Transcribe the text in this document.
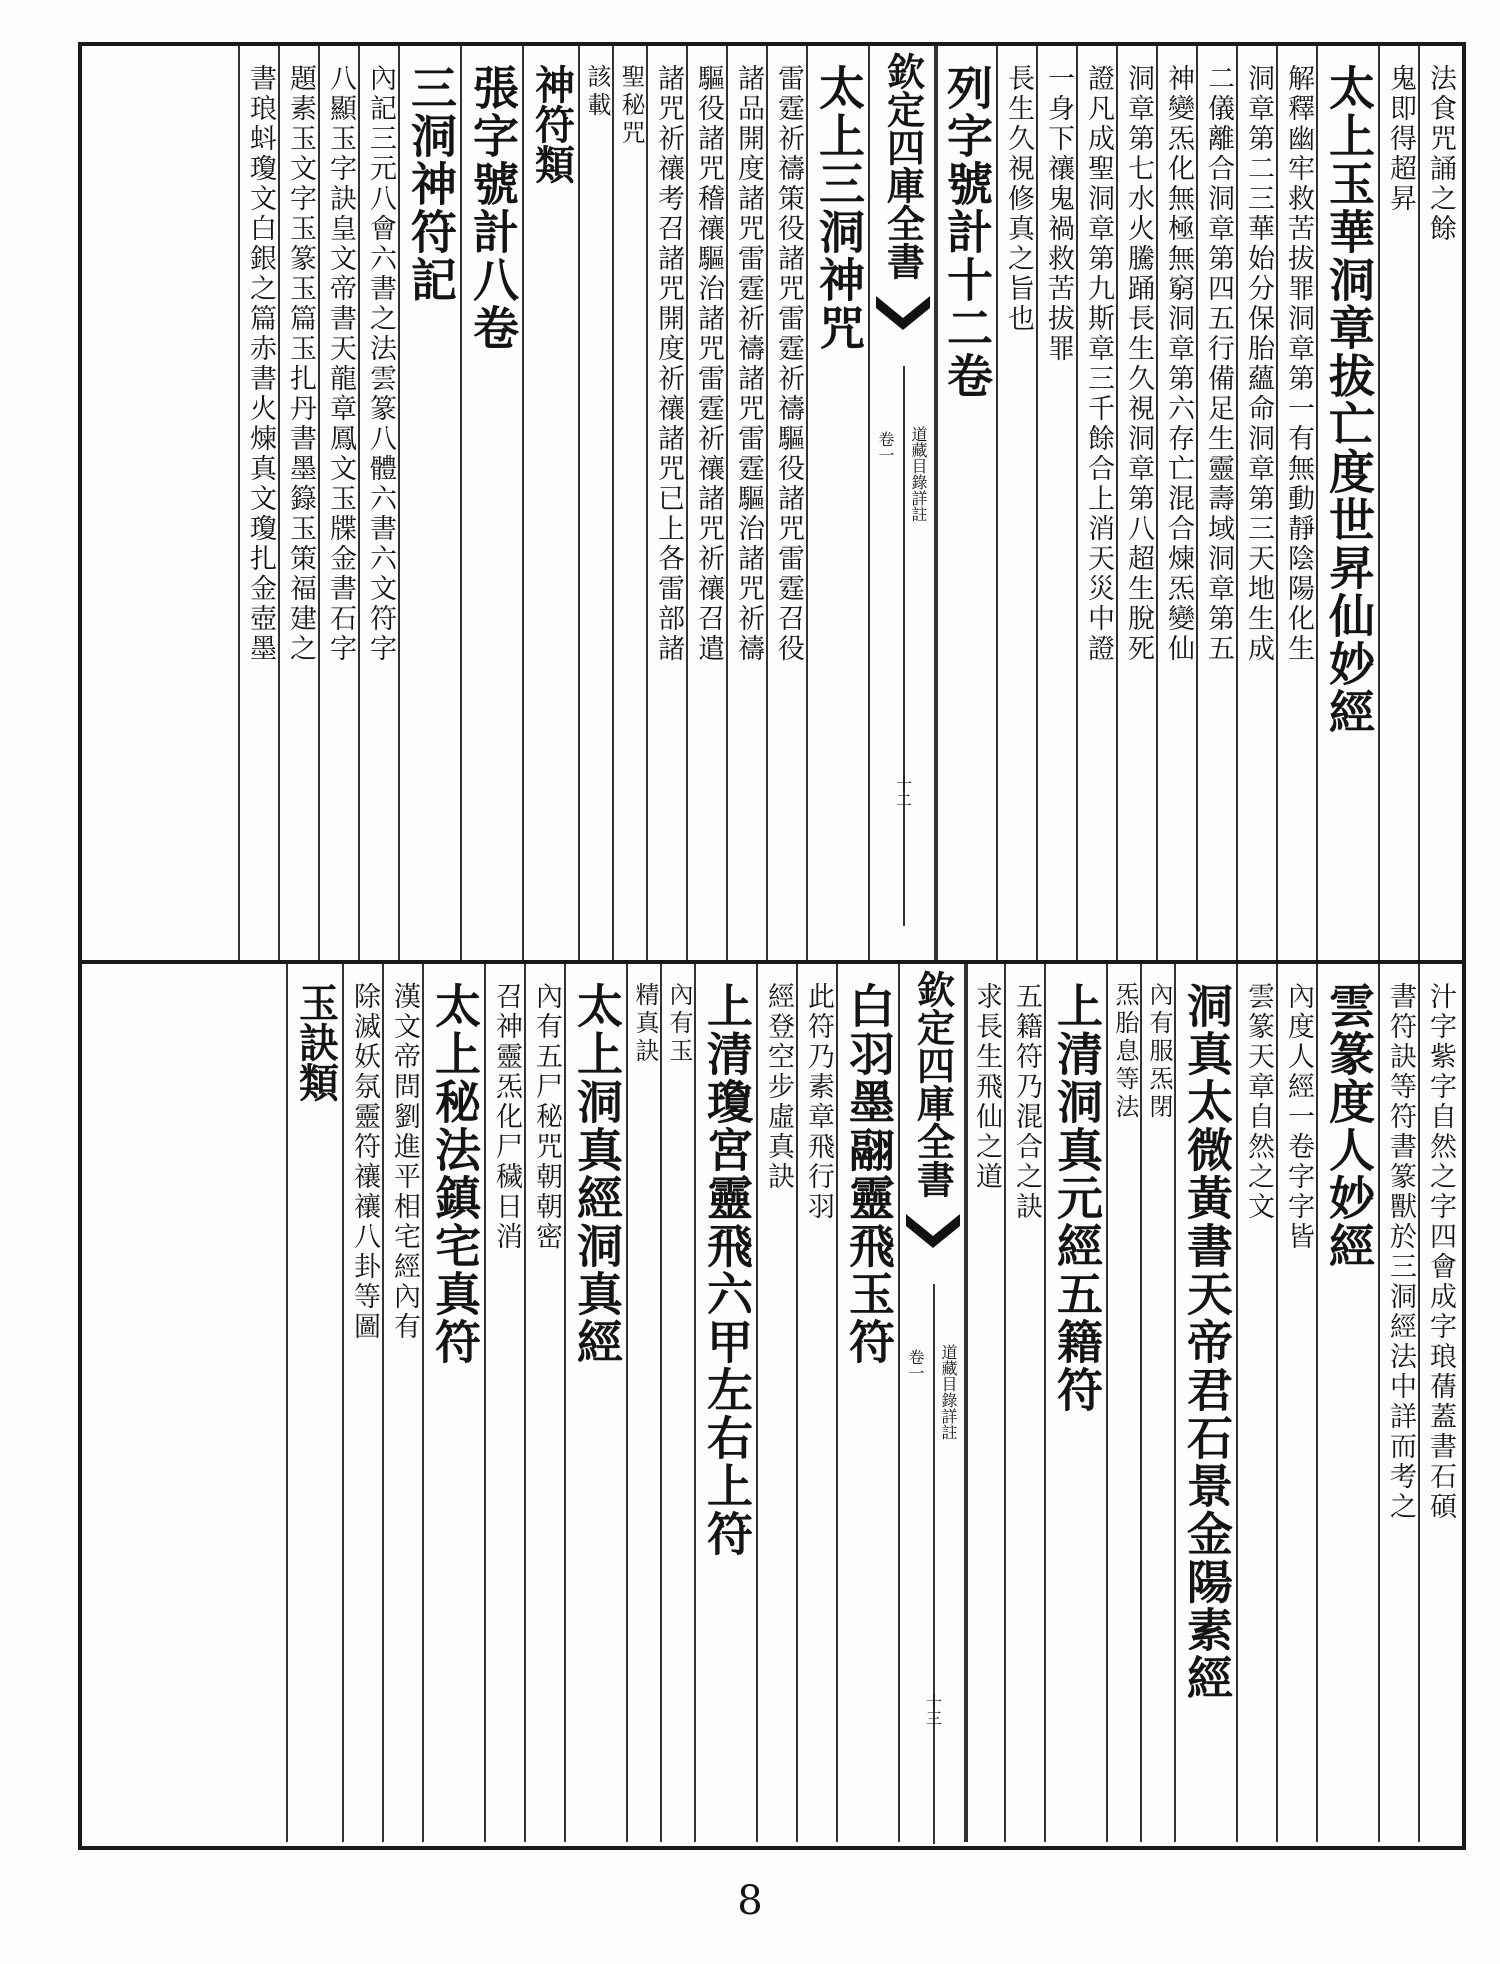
法食咒誦之餘
鬼即得超昇
太上玉華洞章拔亡度世昇仙妙經
解釋幽牢救苦拔罪洞章第一有無動靜陰陽化生
洞章第二三華始分保胎蘊命洞章第三天地生成
二儀離合洞章第四五行備足生靈壽域洞章第五
神變炁化無極無窮洞章第六存亡混合煉炁變仙
洞章第七水火騰踊長生久視洞章第八超生脫死
證凡成聖洞章第九斯章三千餘合上消天災中證
一身下禳鬼禍救苦拔罪
長生久視修真之旨也
列字號計十二卷
欽定四庫全書
卷一 道藏目錄詳註
十二
太上三洞神咒
雷霆祈禱策役諸咒雷霆祈禱驅役諸咒雷霆召役
諸品開度諸咒雷霆祈禱諸咒雷霆驅治諸咒祈禱
驅役諸咒稽禳驅治諸咒雷霆祈禳諸咒祈禳召遣
諸咒祈禳考召諸咒開度祈禳諸咒已上各雷部諸
聖秘咒
該載
神符類
張字號計八卷
三洞神符記
內記三元八會六書之法雲篆八體六書六文符字
八顯玉字訣皇文帝書天龍章鳳文玉牒金書石字
題素玉文字玉篆玉篇玉扎丹書墨籙玉策福建之
書琅蚪瓊文白銀之篇赤書火煉真文瓊扎金壺墨
汁字紫字自然之字四會成字琅蒨蓋書石碩
書符訣等符書篆獸於三洞經法中詳而考之
雲篆度人妙經
內度人經一卷字字皆
雲篆天章自然之文
洞真太微黃書天帝君石景金陽素經
內有服炁閉
炁胎息等法
上清洞真元經五籍符
五籍符乃混合之訣
求長生飛仙之道
欽定四庫全書
卷一 道藏目錄詳註
十三
白羽墨翮靈飛玉符
此符乃素章飛行羽
經登空步虛真訣
上清瓊宮靈飛六甲左右上符
內有玉
精真訣
太上洞真經洞真經
內有五尸秘咒朝朝密
召神靈炁化尸穢日消
太上秘法鎮宅真符
漢文帝問劉進平相宅經內有
除滅妖氛靈符禳禳八卦等圖
玉訣類
8
